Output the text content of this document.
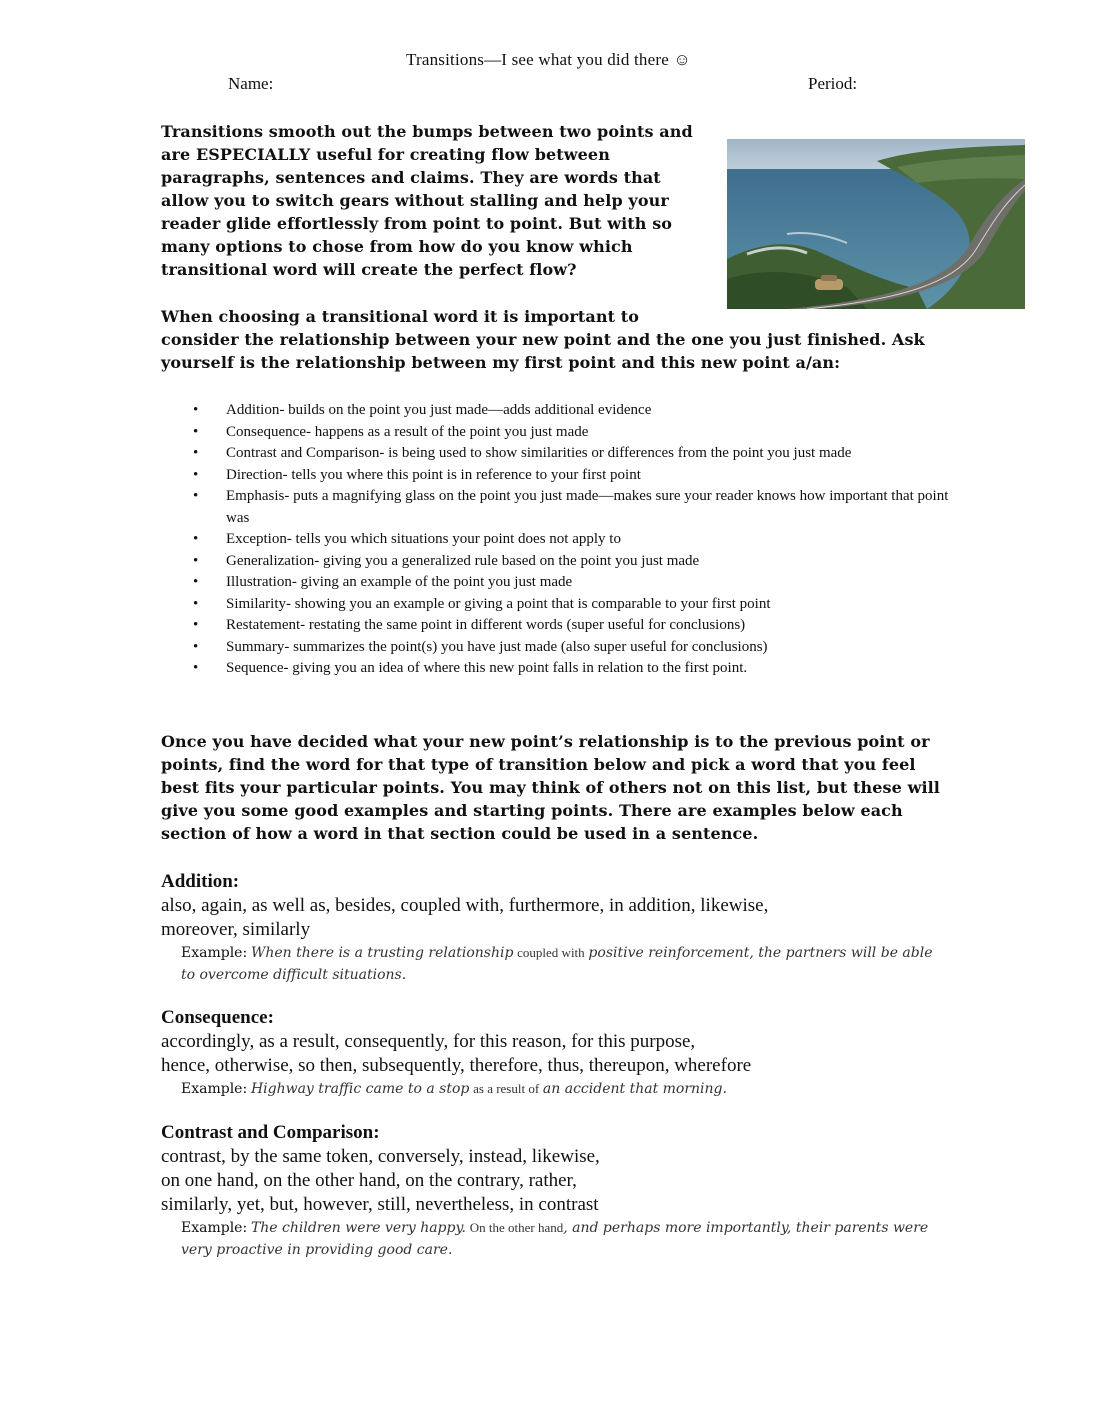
Transitions—I see what you did there ☺
Name:	Period:
Transitions smooth out the bumps between two points and are ESPECIALLY useful for creating flow between paragraphs, sentences and claims. They are words that allow you to switch gears without stalling and help your reader glide effortlessly from point to point. But with so many options to chose from how do you know which transitional word will create the perfect flow?
When choosing a transitional word it is important to
consider the relationship between your new point and the one you just finished. Ask yourself is the relationship between my first point and this new point a/an:
• Addition- builds on the point you just made—adds additional evidence
• Consequence- happens as a result of the point you just made
• Contrast and Comparison- is being used to show similarities or differences from the point you just made
• Direction- tells you where this point is in reference to your first point
• Emphasis- puts a magnifying glass on the point you just made—makes sure your reader knows how important that point was
• Exception- tells you which situations your point does not apply to
• Generalization- giving you a generalized rule based on the point you just made
• Illustration- giving an example of the point you just made
• Similarity- showing you an example or giving a point that is comparable to your first point
• Restatement- restating the same point in different words (super useful for conclusions)
• Summary- summarizes the point(s) you have just made (also super useful for conclusions)
• Sequence- giving you an idea of where this new point falls in relation to the first point.
Once you have decided what your new point’s relationship is to the previous point or points, find the word for that type of transition below and pick a word that you feel best fits your particular points. You may think of others not on this list, but these will give you some good examples and starting points. There are examples below each section of how a word in that section could be used in a sentence.
Addition:
also, again, as well as, besides, coupled with, furthermore, in addition, likewise,
moreover, similarly
Example: When there is a trusting relationship coupled with positive reinforcement, the partners will be able to overcome difficult situations.
Consequence:
accordingly, as a result, consequently, for this reason, for this purpose,
hence, otherwise, so then, subsequently, therefore, thus, thereupon, wherefore
Example: Highway traffic came to a stop as a result of an accident that morning.
Contrast and Comparison:
contrast, by the same token, conversely, instead, likewise,
on one hand, on the other hand, on the contrary, rather,
similarly, yet, but, however, still, nevertheless, in contrast
Example: The children were very happy. On the other hand, and perhaps more importantly, their parents were very proactive in providing good care.
